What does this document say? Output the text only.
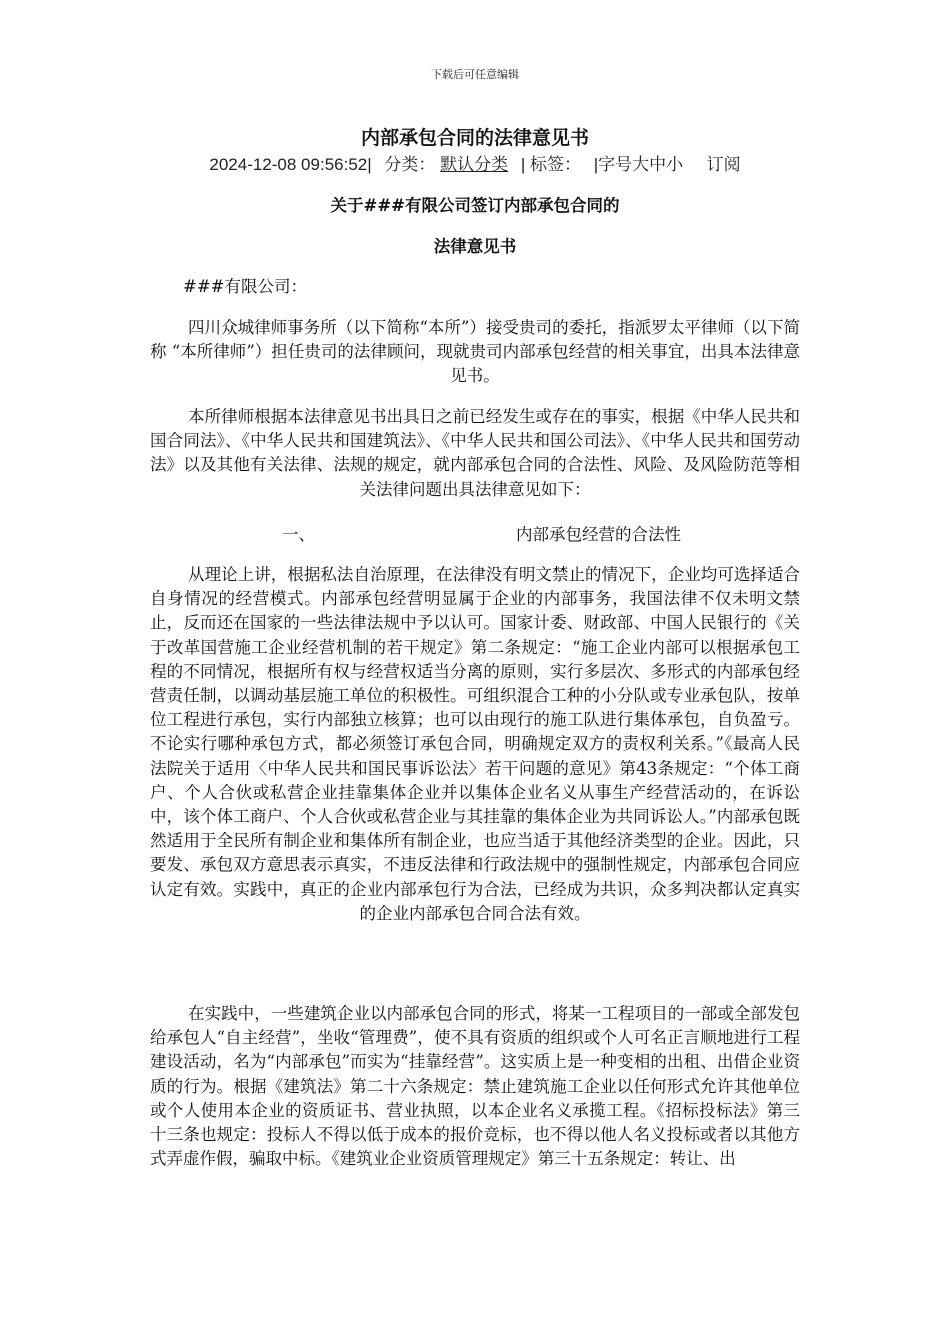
下载后可任意编辑
内部承包合同的法律意见书
2024-12-08 09:56:52| 分类： 默认分类 | 标签： |字号大中小 订阅
关于###有限公司签订内部承包合同的
法律意见书

###有限公司：

四川众城律师事务所（以下简称“本所”）接受贵司的委托，指派罗太平律师（以下简称 “本所律师”）担任贵司的法律顾问，现就贵司内部承包经营的相关事宜，出具本法律意见书。

本所律师根据本法律意见书出具日之前已经发生或存在的事实，根据《中华人民共和国合同法》、《中华人民共和国建筑法》、《中华人民共和国公司法》、《中华人民共和国劳动法》以及其他有关法律、法规的规定，就内部承包合同的合法性、风险、及风险防范等相关法律问题出具法律意见如下：

一、	内部承包经营的合法性

从理论上讲，根据私法自治原理，在法律没有明文禁止的情况下，企业均可选择适合自身情况的经营模式。内部承包经营明显属于企业的内部事务，我国法律不仅未明文禁止，反而还在国家的一些法律法规中予以认可。国家计委、财政部、中国人民银行的《关于改革国营施工企业经营机制的若干规定》第二条规定：“施工企业内部可以根据承包工程的不同情况，根据所有权与经营权适当分离的原则，实行多层次、多形式的内部承包经营责任制，以调动基层施工单位的积极性。可组织混合工种的小分队或专业承包队，按单位工程进行承包，实行内部独立核算；也可以由现行的施工队进行集体承包，自负盈亏。不论实行哪种承包方式，都必须签订承包合同，明确规定双方的责权利关系。”《最高人民法院关于适用〈中华人民共和国民事诉讼法〉若干问题的意见》第43条规定：“个体工商户、个人合伙或私营企业挂靠集体企业并以集体企业名义从事生产经营活动的，在诉讼中，该个体工商户、个人合伙或私营企业与其挂靠的集体企业为共同诉讼人。”内部承包既然适用于全民所有制企业和集体所有制企业，也应当适于其他经济类型的企业。因此，只要发、承包双方意思表示真实，不违反法律和行政法规中的强制性规定，内部承包合同应认定有效。实践中，真正的企业内部承包行为合法，已经成为共识，众多判决都认定真实的企业内部承包合同合法有效。

在实践中，一些建筑企业以内部承包合同的形式，将某一工程项目的一部或全部发包给承包人“自主经营”，坐收“管理费”，使不具有资质的组织或个人可名正言顺地进行工程建设活动，名为“内部承包”而实为“挂靠经营”。这实质上是一种变相的出租、出借企业资质的行为。根据《建筑法》第二十六条规定：禁止建筑施工企业以任何形式允许其他单位或个人使用本企业的资质证书、营业执照，以本企业名义承揽工程。《招标投标法》第三十三条也规定：投标人不得以低于成本的报价竞标，也不得以他人名义投标或者以其他方式弄虚作假，骗取中标。《建筑业企业资质管理规定》第三十五条规定：转让、出
